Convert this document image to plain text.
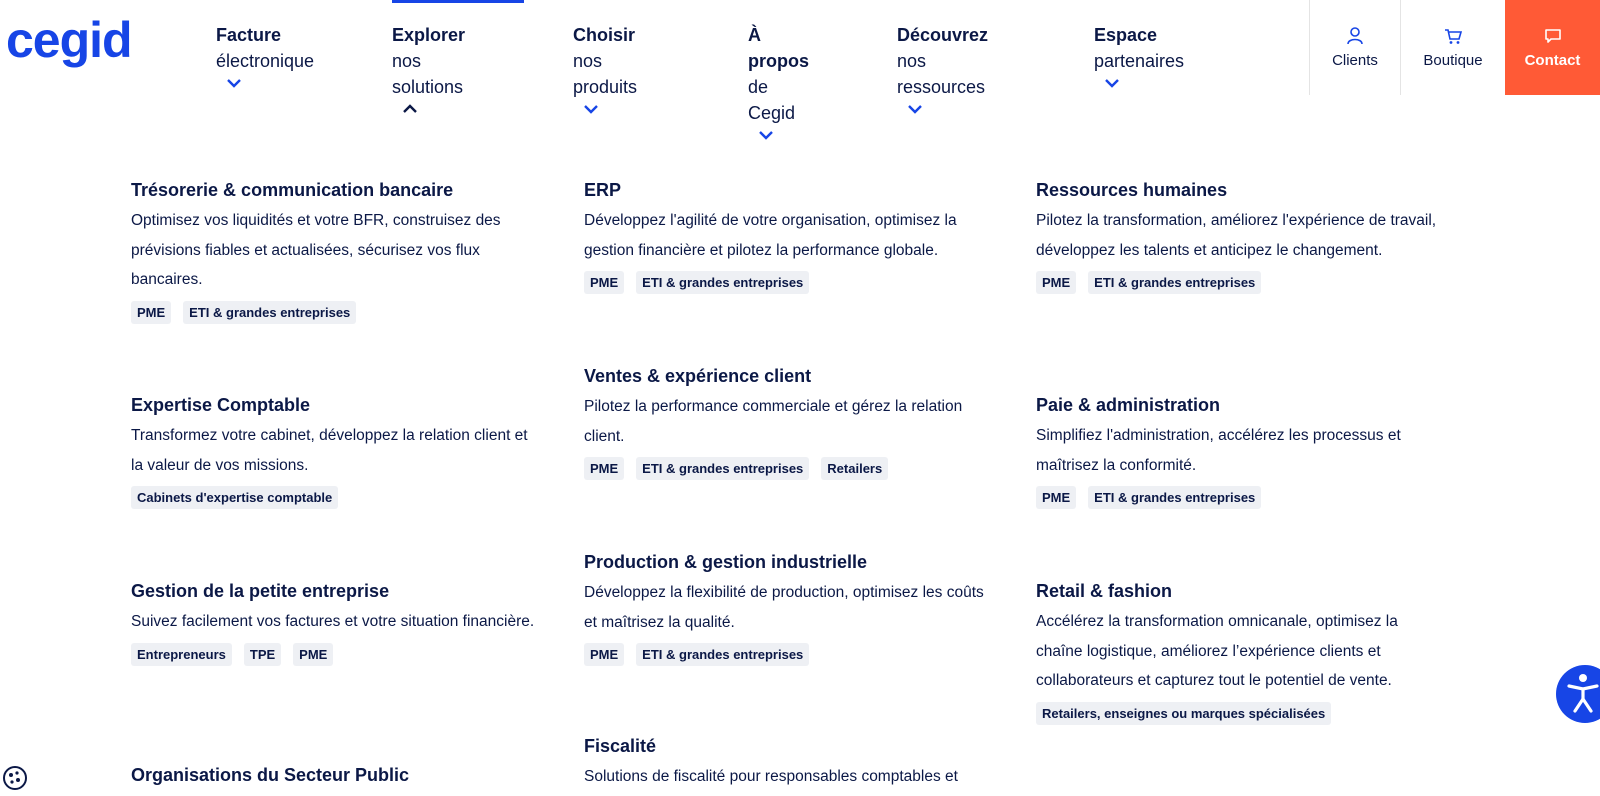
cegid	Facture
électronique
Explorer
nos solutions
Choisir
nos produits
À propos
de Cegid
Découvrez
nos ressources
Espace
partenaires	Clients	Boutique	Contact
Trésorerie & communication bancaire

Optimisez vos liquidités et votre BFR, construisez des prévisions fiables et actualisées, sécurisez vos flux bancaires.

PME ETI & grandes entreprises
Expertise Comptable

Transformez votre cabinet, développez la relation client et la valeur de vos missions.

Cabinets d'expertise comptable
Gestion de la petite entreprise

Suivez facilement vos factures et votre situation financière.

Entrepreneurs TPE PME
Organisations du Secteur Public
ERP

Développez l'agilité de votre organisation, optimisez la gestion financière et pilotez la performance globale.

PME ETI & grandes entreprises
Ventes & expérience client

Pilotez la performance commerciale et gérez la relation client.

PME ETI & grandes entreprises Retailers
Production & gestion industrielle

Développez la flexibilité de production, optimisez les coûts et maîtrisez la qualité.

PME ETI & grandes entreprises
Fiscalité

Solutions de fiscalité pour responsables comptables et

Ressources humaines

Pilotez la transformation, améliorez l'expérience de travail, développez les talents et anticipez le changement.

PME ETI & grandes entreprises
Paie & administration

Simplifiez l'administration, accélérez les processus et maîtrisez la conformité.

PME ETI & grandes entreprises
Retail & fashion

Accélérez la transformation omnicanale, optimisez la chaîne logistique, améliorez l’expérience clients et collaborateurs et capturez tout le potentiel de vente.

Retailers, enseignes ou marques spécialisées
